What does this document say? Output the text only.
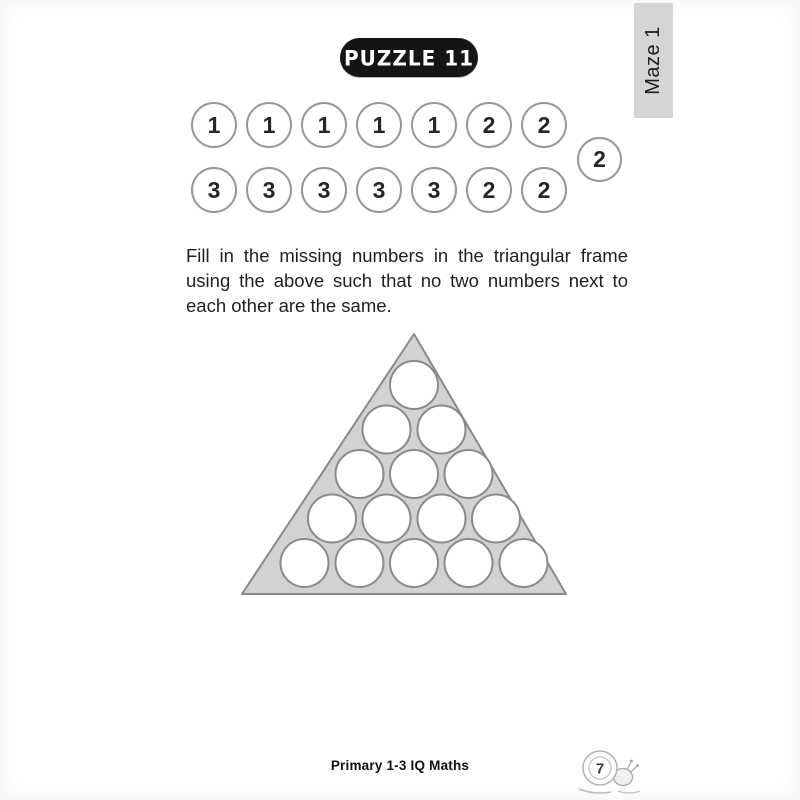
Maze 1
PUZZLE 11
1 1 1 1 1 2 2
2
3 3 3 3 3 2 2
Fill in the missing numbers in the triangular frame
using the above such that no two numbers next to
each other are the same.
Primary 1-3 IQ Maths	7
